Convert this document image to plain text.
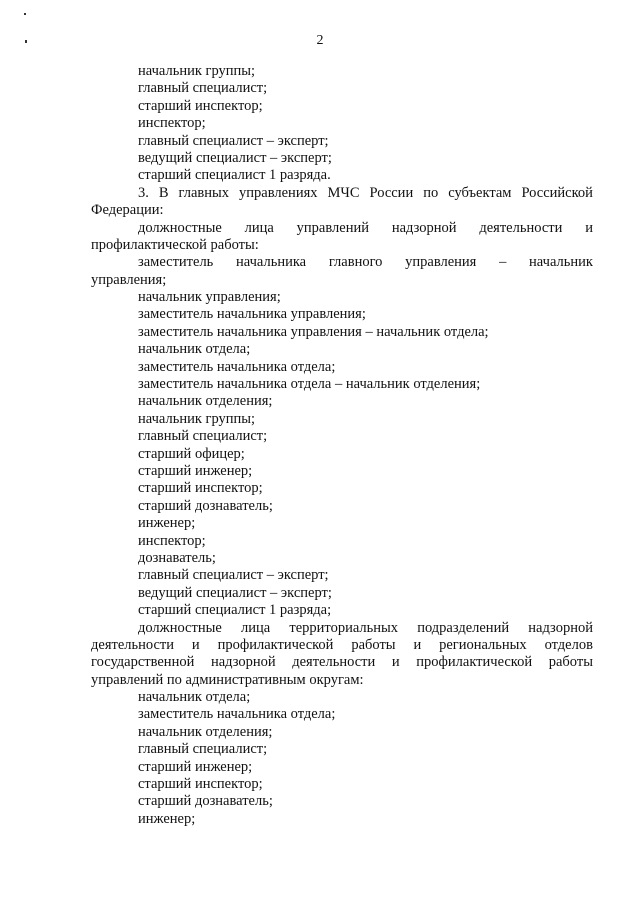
2
начальник группы;
главный специалист;
старший инспектор;
инспектор;
главный специалист – эксперт;
ведущий специалист – эксперт;
старший специалист 1 разряда.
3. В главных управлениях МЧС России по субъектам Российской
Федерации:
должностные лица управлений надзорной деятельности и
профилактической работы:
заместитель начальника главного управления – начальник
управления;
начальник управления;
заместитель начальника управления;
заместитель начальника управления – начальник отдела;
начальник отдела;
заместитель начальника отдела;
заместитель начальника отдела – начальник отделения;
начальник отделения;
начальник группы;
главный специалист;
старший офицер;
старший инженер;
старший инспектор;
старший дознаватель;
инженер;
инспектор;
дознаватель;
главный специалист – эксперт;
ведущий специалист – эксперт;
старший специалист 1 разряда;
должностные лица территориальных подразделений надзорной
деятельности и профилактической работы и региональных отделов
государственной надзорной деятельности и профилактической работы
управлений по административным округам:
начальник отдела;
заместитель начальника отдела;
начальник отделения;
главный специалист;
старший инженер;
старший инспектор;
старший дознаватель;
инженер;
